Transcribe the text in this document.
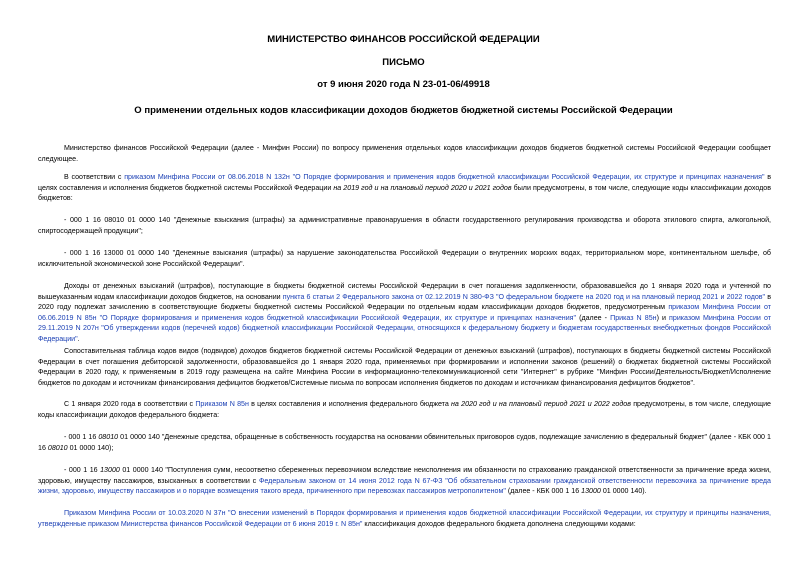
МИНИСТЕРСТВО ФИНАНСОВ РОССИЙСКОЙ ФЕДЕРАЦИИ
ПИСЬМО
от 9 июня 2020 года N 23-01-06/49918
О применении отдельных кодов классификации доходов бюджетов бюджетной системы Российской Федерации
Министерство финансов Российской Федерации (далее - Минфин России) по вопросу применения отдельных кодов классификации доходов бюджетов бюджетной системы Российской Федерации сообщает следующее.
В соответствии с приказом Минфина России от 08.06.2018 N 132н "О Порядке формирования и применения кодов бюджетной классификации Российской Федерации, их структуре и принципах назначения" в целях составления и исполнения бюджетов бюджетной системы Российской Федерации на 2019 год и на плановый период 2020 и 2021 годов были предусмотрены, в том числе, следующие коды классификации доходов бюджетов:
- 000 1 16 08010 01 0000 140 "Денежные взыскания (штрафы) за административные правонарушения в области государственного регулирования производства и оборота этилового спирта, алкогольной, спиртосодержащей продукции";
- 000 1 16 13000 01 0000 140 "Денежные взыскания (штрафы) за нарушение законодательства Российской Федерации о внутренних морских водах, территориальном море, континентальном шельфе, об исключительной экономической зоне Российской Федерации".
Доходы от денежных взысканий (штрафов), поступающие в бюджеты бюджетной системы Российской Федерации в счет погашения задолженности, образовавшейся до 1 января 2020 года и учтенной по вышеуказанным кодам классификации доходов бюджетов, на основании пункта 6 статьи 2 Федерального закона от 02.12.2019 N 380-ФЗ "О федеральном бюджете на 2020 год и на плановый период 2021 и 2022 годов" в 2020 году подлежат зачислению в соответствующие бюджеты бюджетной системы Российской Федерации по отдельным кодам классификации доходов бюджетов, предусмотренным приказом Минфина России от 06.06.2019 N 85н "О Порядке формирования и применения кодов бюджетной классификации Российской Федерации, их структуре и принципах назначения" (далее - Приказ N 85н) и приказом Минфина России от 29.11.2019 N 207н "Об утверждении кодов (перечней кодов) бюджетной классификации Российской Федерации, относящихся к федеральному бюджету и бюджетам государственных внебюджетных фондов Российской Федерации".
Сопоставительная таблица кодов видов (подвидов) доходов бюджетов бюджетной системы Российской Федерации от денежных взысканий (штрафов), поступающих в бюджеты бюджетной системы Российской Федерации в счет погашения дебиторской задолженности, образовавшейся до 1 января 2020 года, применяемых при формировании и исполнении законов (решений) о бюджетах бюджетной системы Российской Федерации в 2020 году, к применяемым в 2019 году размещена на сайте Минфина России в информационно-телекоммуникационной сети "Интернет" в рубрике "Минфин России/Деятельность/Бюджет/Исполнение бюджетов по доходам и источникам финансирования дефицитов бюджетов/Системные письма по вопросам исполнения бюджетов по доходам и источникам финансирования дефицитов бюджетов".
С 1 января 2020 года в соответствии с Приказом N 85н в целях составления и исполнения федерального бюджета на 2020 год и на плановый период 2021 и 2022 годов предусмотрены, в том числе, следующие коды классификации доходов федерального бюджета:
- 000 1 16 08010 01 0000 140 "Денежные средства, обращенные в собственность государства на основании обвинительных приговоров судов, подлежащие зачислению в федеральный бюджет" (далее - КБК 000 1 16 08010 01 0000 140);
- 000 1 16 13000 01 0000 140 "Поступления сумм, несоответно сбереженных перевозчиком вследствие неисполнения им обязанности по страхованию гражданской ответственности за причинение вреда жизни, здоровью, имуществу пассажиров, взысканных в соответствии с Федеральным законом от 14 июня 2012 года N 67-ФЗ "Об обязательном страховании гражданской ответственности перевозчика за причинение вреда жизни, здоровью, имуществу пассажиров и о порядке возмещения такого вреда, причиненного при перевозках пассажиров метрополитеном" (далее - КБК 000 1 16 13000 01 0000 140).
Приказом Минфина России от 10.03.2020 N 37н "О внесении изменений в Порядок формирования и применения кодов бюджетной классификации Российской Федерации, их структуру и принципы назначения, утвержденные приказом Министерства финансов Российской Федерации от 6 июня 2019 г. N 85н" классификация доходов федерального бюджета дополнена следующими кодами:
